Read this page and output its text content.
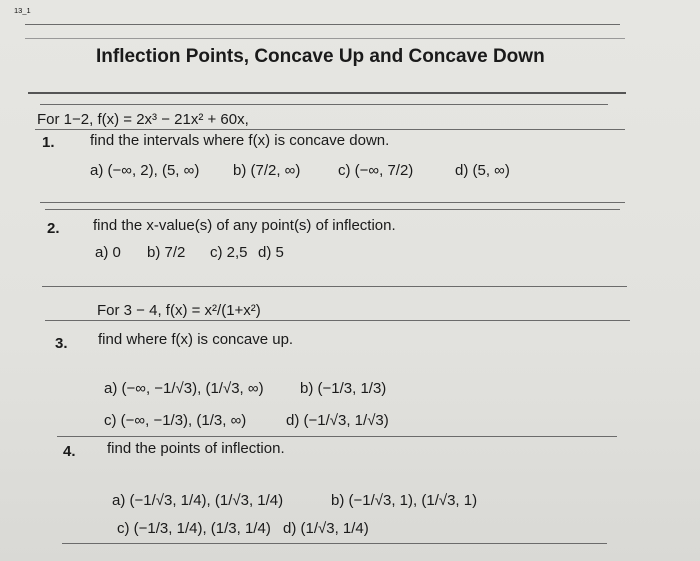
13_1
Inflection Points, Concave Up and Concave Down
For 1−2, f(x) = 2x³ − 21x² + 60x,
1. find the intervals where f(x) is concave down.
a) (−∞, 2), (5, ∞) b) (7/2, ∞)	c) (−∞, 7/2)	d) (5, ∞)
2. find the x-value(s) of any point(s) of inflection.
a) 0 b) 7/2 c) 2,5 d) 5
For 3 − 4, f(x) = x²/(1+x²)
3. find where f(x) is concave up.
a) (−∞, −1/√3), (1/√3, ∞) b) (−1/3, 1/3)
c) (−∞, −1/3), (1/3, ∞)	d) (−1/√3, 1/√3)
4. find the points of inflection.
a) (−1/√3, 1/4), (1/√3, 1/4)	b) (−1/√3, 1), (1/√3, 1)
c) (−1/3, 1/4), (1/3, 1/4) d) (1/√3, 1/4)
